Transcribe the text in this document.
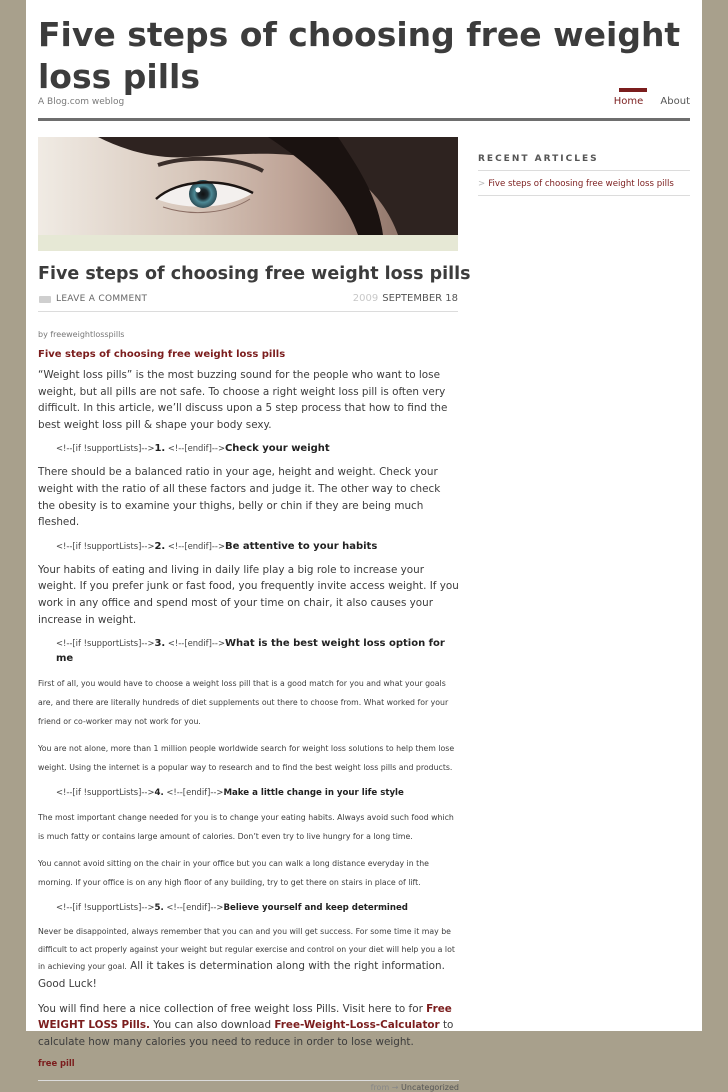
Five steps of choosing free weight loss pills
A Blog.com weblog	Home About
Five steps of choosing free weight loss pills
LEAVE A COMMENT	2009 SEPTEMBER 18

by freeweightlosspills

Five steps of choosing free weight loss pills

“Weight loss pills” is the most buzzing sound for the people who want to lose weight, but all pills are not safe. To choose a right weight loss pill is often very difficult. In this article, we’ll discuss upon a 5 step process that how to find the best weight loss pill & shape your body sexy.

<!--[if !supportLists]-->1. <!--[endif]-->Check your weight

There should be a balanced ratio in your age, height and weight. Check your weight with the ratio of all these factors and judge it. The other way to check the obesity is to examine your thighs, belly or chin if they are being much fleshed.

<!--[if !supportLists]-->2. <!--[endif]-->Be attentive to your habits

Your habits of eating and living in daily life play a big role to increase your weight. If you prefer junk or fast food, you frequently invite access weight. If you work in any office and spend most of your time on chair, it also causes your increase in weight.

<!--[if !supportLists]-->3. <!--[endif]-->What is the best weight loss option for me

First of all, you would have to choose a weight loss pill that is a good match for you and what your goals are, and there are literally hundreds of diet supplements out there to choose from. What worked for your friend or co-worker may not work for you.

You are not alone, more than 1 million people worldwide search for weight loss solutions to help them lose weight. Using the internet is a popular way to research and to find the best weight loss pills and products.

<!--[if !supportLists]-->4. <!--[endif]-->Make a little change in your life style

The most important change needed for you is to change your eating habits. Always avoid such food which is much fatty or contains large amount of calories. Don’t even try to live hungry for a long time.

You cannot avoid sitting on the chair in your office but you can walk a long distance everyday in the morning. If your office is on any high floor of any building, try to get there on stairs in place of lift.

<!--[if !supportLists]-->5. <!--[endif]-->Believe yourself and keep determined

Never be disappointed, always remember that you can and you will get success. For some time it may be difficult to act properly against your weight but regular exercise and control on your diet will help you a lot in achieving your goal. All it takes is determination along with the right information. Good Luck!

You will find here a nice collection of free weight loss Pills. Visit here to for Free WEIGHT LOSS Pills. You can also download Free-Weight-Loss-Calculator to calculate how many calories you need to reduce in order to lose weight.

free pill

from → Uncategorized
RECENT ARTICLES
> Five steps of choosing free weight loss pills
